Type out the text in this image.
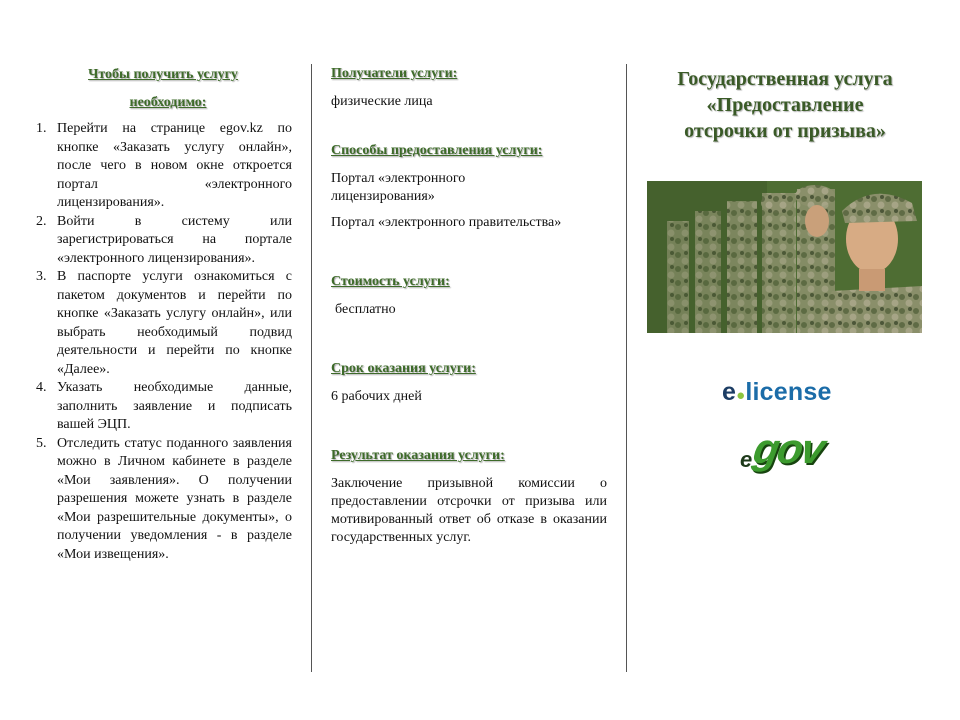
Чтобы получить услугу
необходимо:
1. Перейти на странице egov.kz по кнопке «Заказать услугу онлайн», после чего в новом окне откроется портал «электронного лицензирования».
2. Войти в систему или зарегистрироваться на портале «электронного лицензирования».
3. В паспорте услуги ознакомиться с пакетом документов и перейти по кнопке «Заказать услугу онлайн», или выбрать необходимый подвид деятельности и перейти по кнопке «Далее».
4. Указать необходимые данные, заполнить заявление и подписать вашей ЭЦП.
5. Отследить статус поданного заявления можно в Личном кабинете в разделе «Мои заявления». О получении разрешения можете узнать в разделе «Мои разрешительные документы», о получении уведомления - в разделе «Мои извещения».
Получатели услуги:
физические лица
Способы предоставления услуги:
Портал «электронного лицензирования»
Портал «электронного правительства»
Стоимость услуги:
бесплатно
Срок оказания услуги:
6 рабочих дней
Результат оказания услуги:
Заключение призывной комиссии о предоставлении отсрочки от призыва или мотивированный ответ об отказе в оказании государственных услуг.
Государственная услуга
«Предоставление
отсрочки от призыва»
e●license
e
gov
